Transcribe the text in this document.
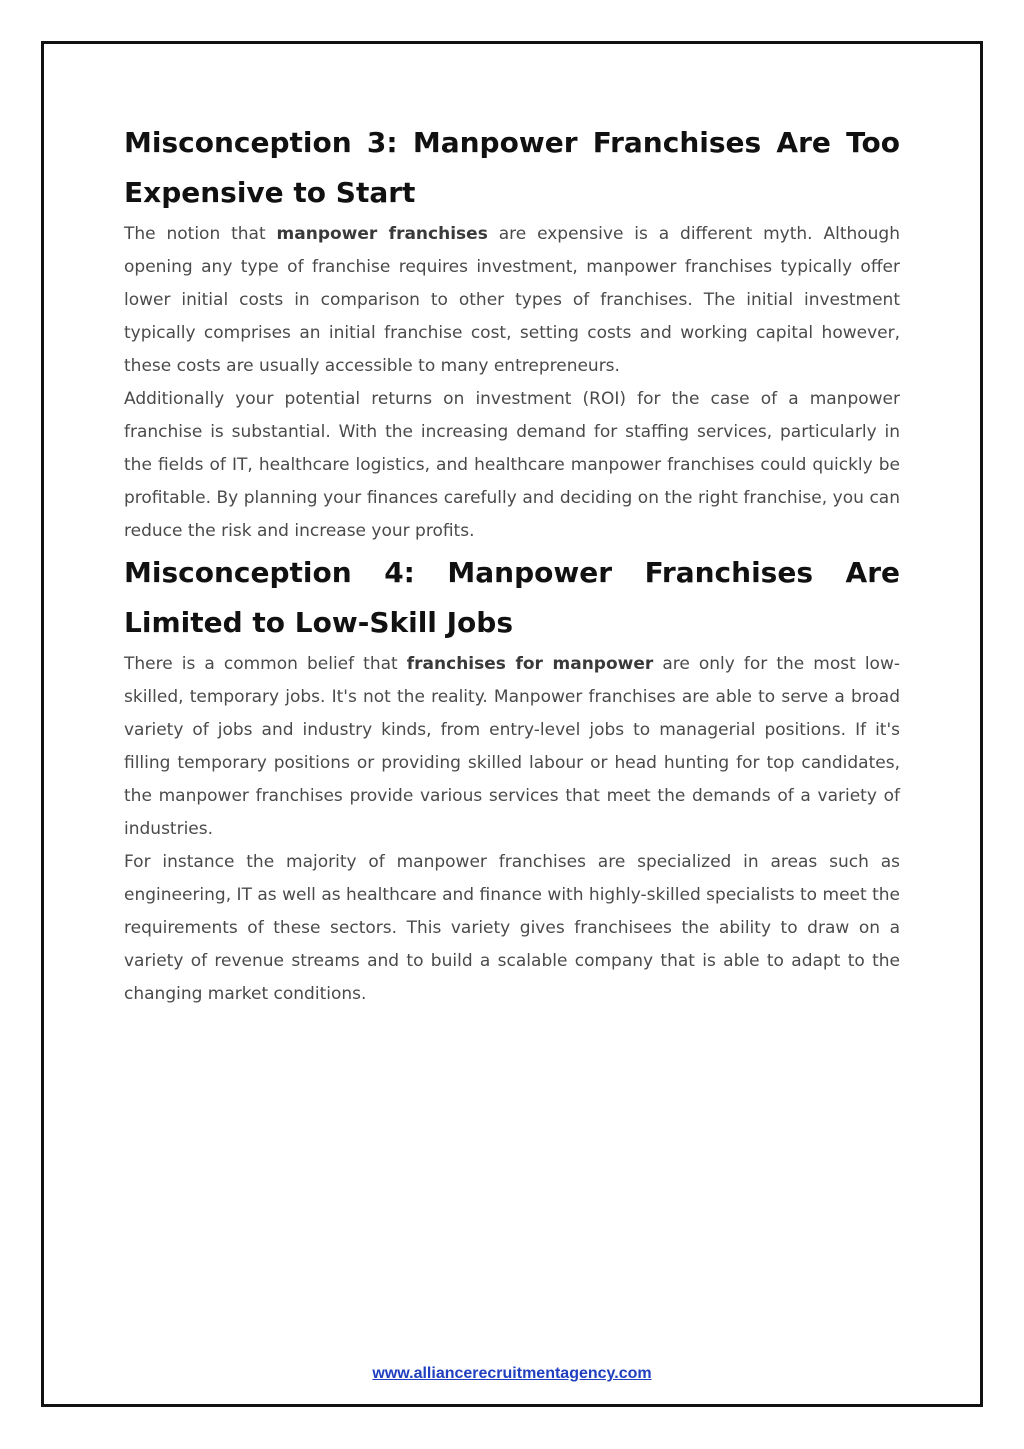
Misconception 3: Manpower Franchises Are Too Expensive to Start

The notion that manpower franchises are expensive is a different myth. Although opening any type of franchise requires investment, manpower franchises typically offer lower initial costs in comparison to other types of franchises. The initial investment typically comprises an initial franchise cost, setting costs and working capital however, these costs are usually accessible to many entrepreneurs.

Additionally your potential returns on investment (ROI) for the case of a manpower franchise is substantial. With the increasing demand for staffing services, particularly in the fields of IT, healthcare logistics, and healthcare manpower franchises could quickly be profitable. By planning your finances carefully and deciding on the right franchise, you can reduce the risk and increase your profits.

Misconception 4: Manpower Franchises Are Limited to Low-Skill Jobs

There is a common belief that franchises for manpower are only for the most low-skilled, temporary jobs. It's not the reality. Manpower franchises are able to serve a broad variety of jobs and industry kinds, from entry-level jobs to managerial positions. If it's filling temporary positions or providing skilled labour or head hunting for top candidates, the manpower franchises provide various services that meet the demands of a variety of industries.

For instance the majority of manpower franchises are specialized in areas such as engineering, IT as well as healthcare and finance with highly-skilled specialists to meet the requirements of these sectors. This variety gives franchisees the ability to draw on a variety of revenue streams and to build a scalable company that is able to adapt to the changing market conditions.

www.alliancerecruitmentagency.com
